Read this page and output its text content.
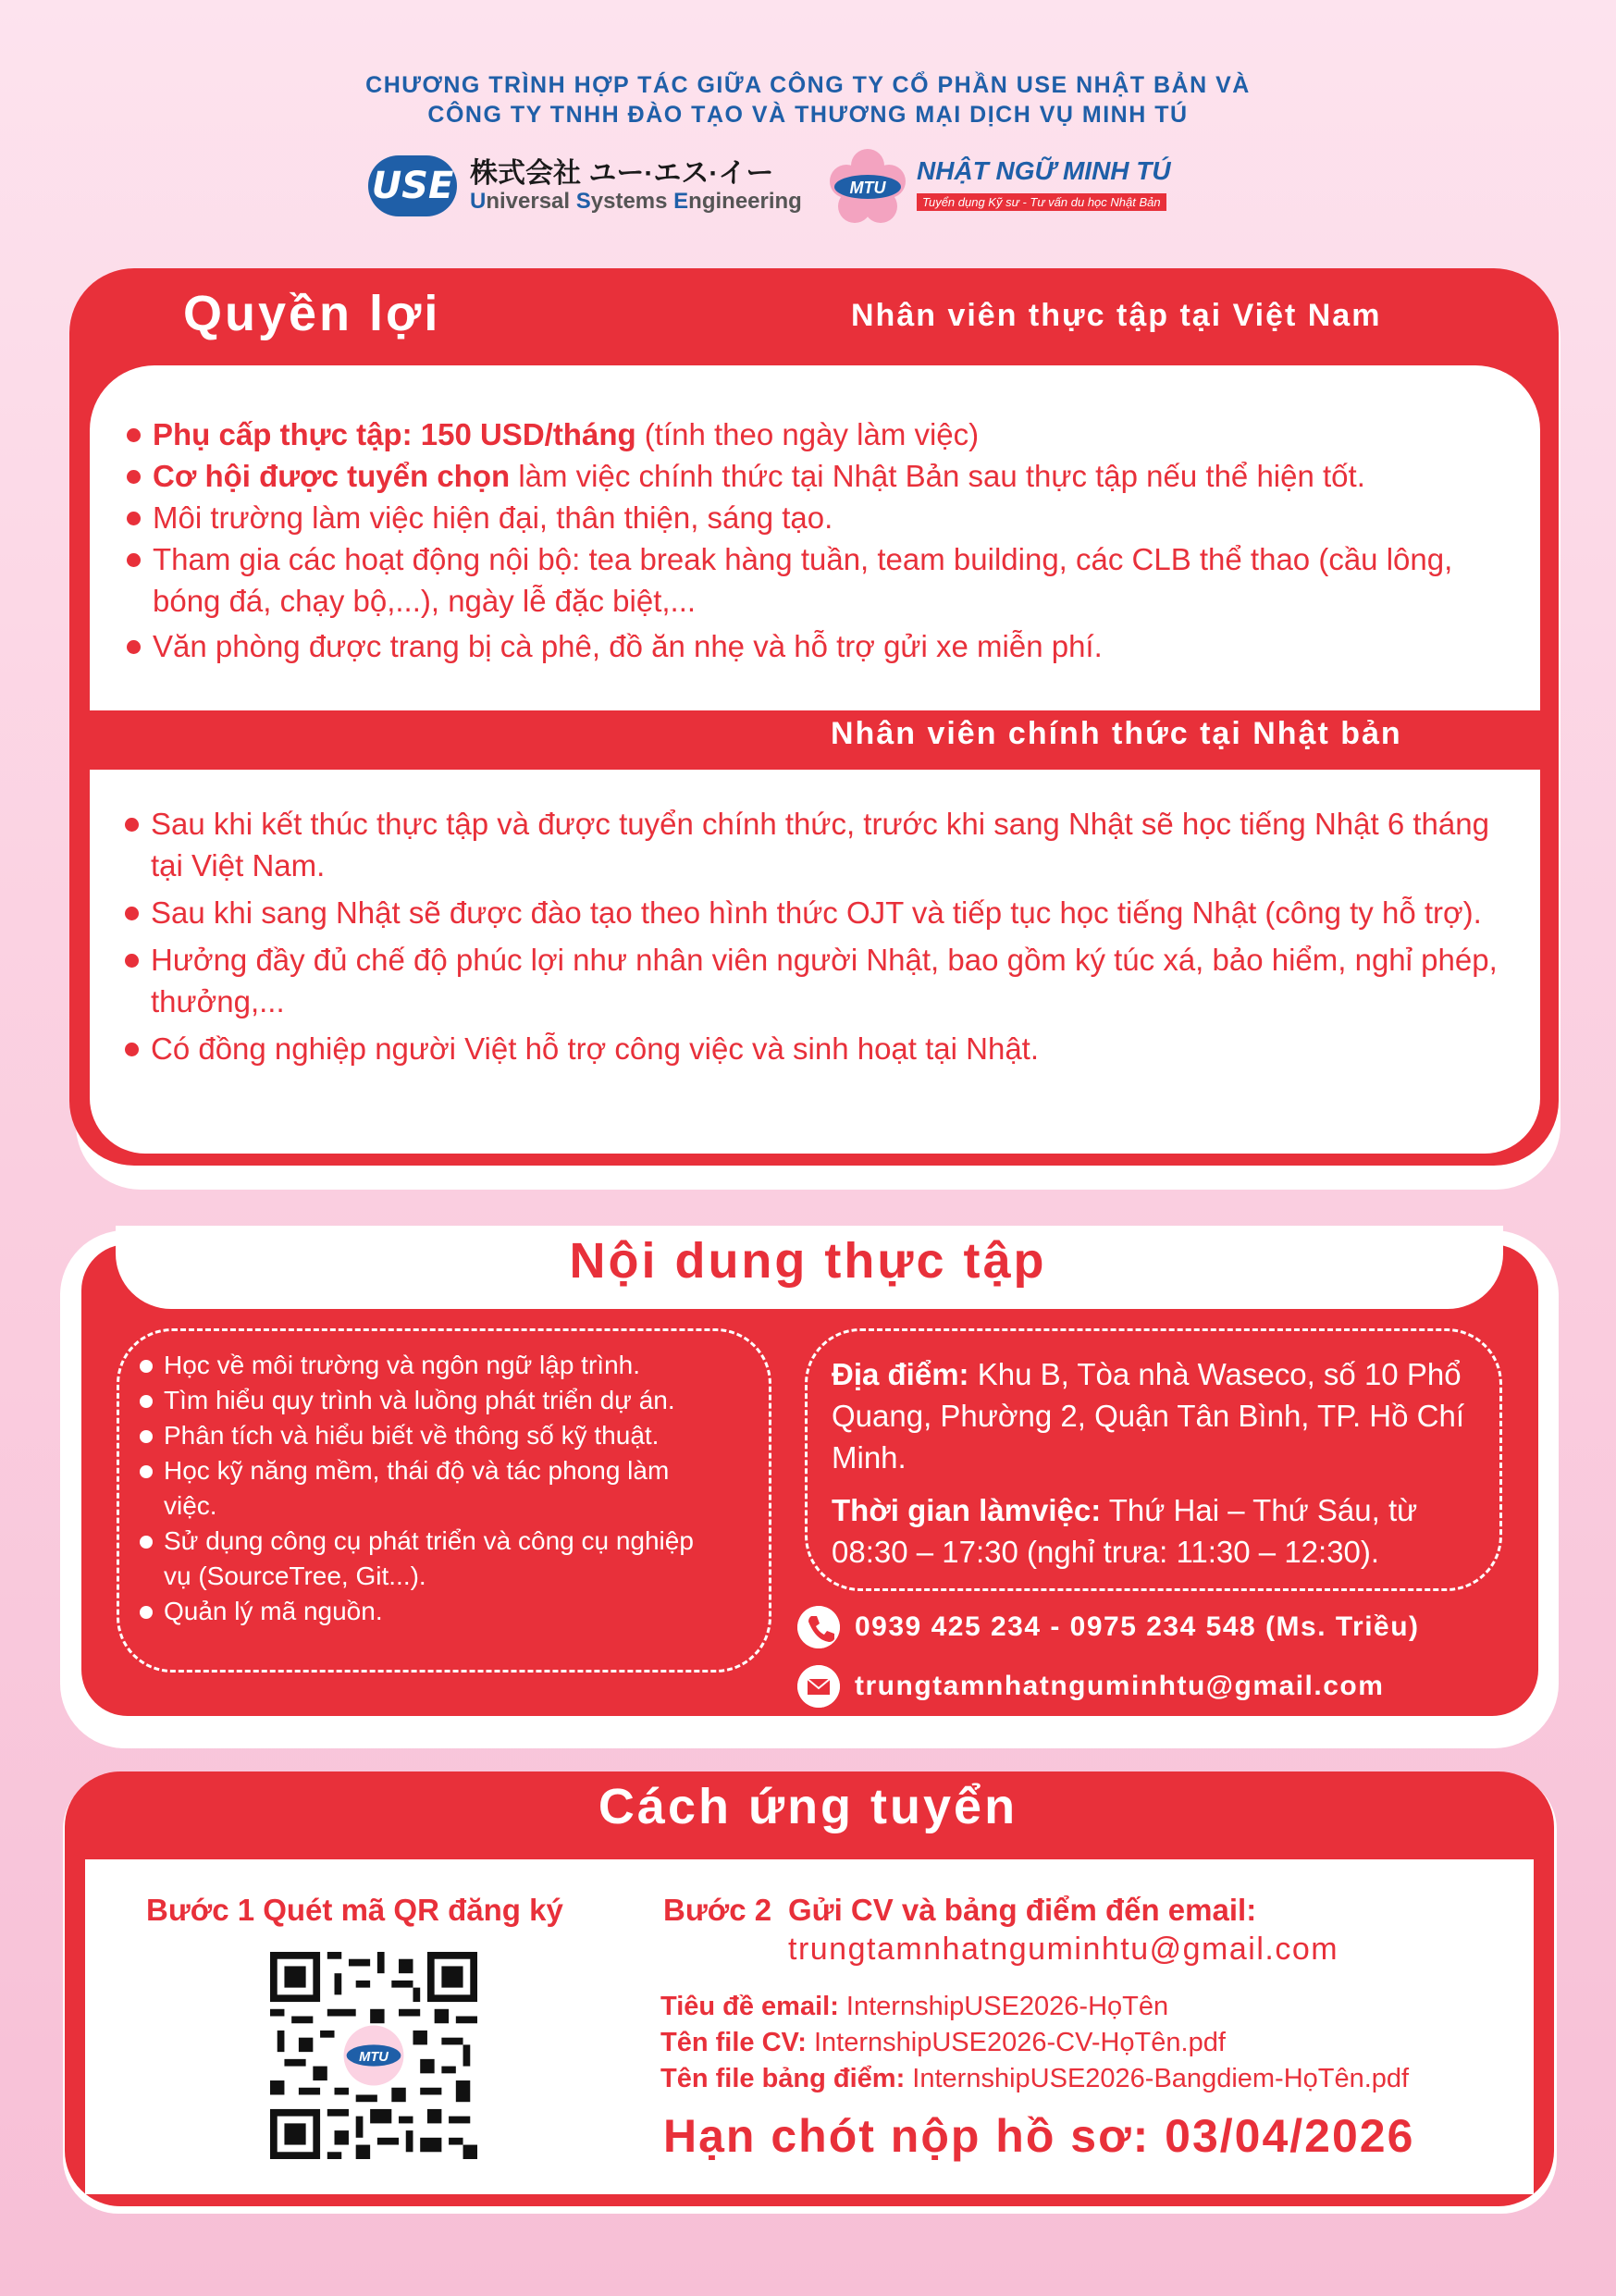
CHƯƠNG TRÌNH HỢP TÁC GIỮA CÔNG TY CỔ PHẦN USE NHẬT BẢN VÀ
CÔNG TY TNHH ĐÀO TẠO VÀ THƯƠNG MẠI DỊCH VỤ MINH TÚ
USE 株式会社 ユー·エス·イー
Universal Systems Engineering
MTU
NHẬT NGỮ MINH TÚ
Tuyển dụng Kỹ sư - Tư vấn du học Nhật Bản
Quyền lợi	Nhân viên thực tập tại Việt Nam
Phụ cấp thực tập: 150 USD/tháng (tính theo ngày làm việc)
Cơ hội được tuyển chọn làm việc chính thức tại Nhật Bản sau thực tập nếu thể hiện tốt.
Môi trường làm việc hiện đại, thân thiện, sáng tạo.
Tham gia các hoạt động nội bộ: tea break hàng tuần, team building, các CLB thể thao (cầu lông, bóng đá, chạy bộ,...), ngày lễ đặc biệt,...
Văn phòng được trang bị cà phê, đồ ăn nhẹ và hỗ trợ gửi xe miễn phí.
Nhân viên chính thức tại Nhật bản
Sau khi kết thúc thực tập và được tuyển chính thức, trước khi sang Nhật sẽ học tiếng Nhật 6 tháng tại Việt Nam.
Sau khi sang Nhật sẽ được đào tạo theo hình thức OJT và tiếp tục học tiếng Nhật (công ty hỗ trợ).
Hưởng đầy đủ chế độ phúc lợi như nhân viên người Nhật, bao gồm ký túc xá, bảo hiểm, nghỉ phép, thưởng,...
Có đồng nghiệp người Việt hỗ trợ công việc và sinh hoạt tại Nhật.
Nội dung thực tập
Học về môi trường và ngôn ngữ lập trình.
Tìm hiểu quy trình và luồng phát triển dự án.
Phân tích và hiểu biết về thông số kỹ thuật.
Học kỹ năng mềm, thái độ và tác phong làm việc.
Sử dụng công cụ phát triển và công cụ nghiệp vụ (SourceTree, Git...).
Quản lý mã nguồn.

Địa điểm: Khu B, Tòa nhà Waseco, số 10 Phổ Quang, Phường 2, Quận Tân Bình, TP. Hồ Chí Minh.

Thời gian làmviệc: Thứ Hai – Thứ Sáu, từ 08:30 – 17:30 (nghỉ trưa: 11:30 – 12:30).

0939 425 234 - 0975 234 548 (Ms. Triều)
trungtamnhatnguminhtu@gmail.com
Cách ứng tuyển
Bước 1 Quét mã QR đăng ký
MTU
Bước 2 Gửi CV và bảng điểm đến email:
trungtamnhatnguminhtu@gmail.com
Tiêu đề email: InternshipUSE2026-HọTên
Tên file CV: InternshipUSE2026-CV-HọTên.pdf
Tên file bảng điểm: InternshipUSE2026-Bangdiem-HọTên.pdf
Hạn chót nộp hồ sơ: 03/04/2026
